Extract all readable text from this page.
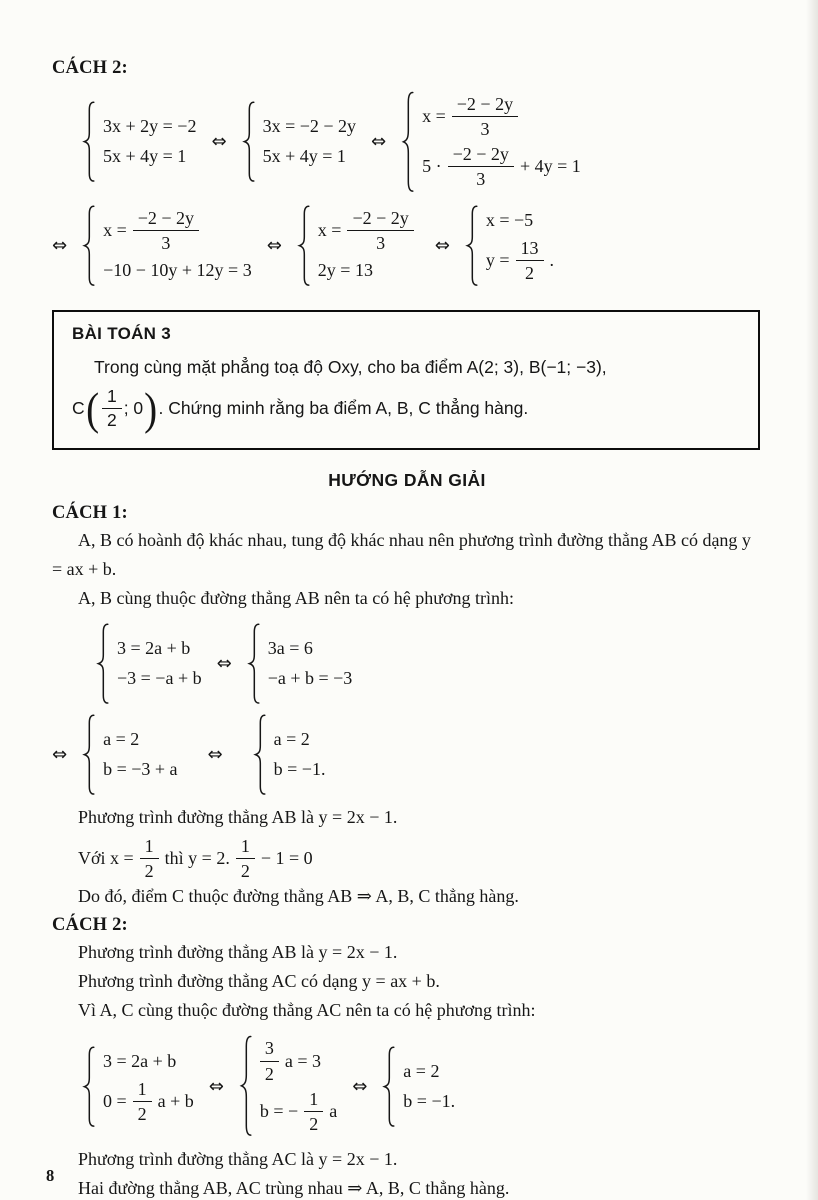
CÁCH 2:
3x + 2y = −2
5x + 4y = 1
⇔
3x = −2 − 2y
5x + 4y = 1
⇔
$x = \frac{-2 - 2y}{3}$
$5 \cdot \frac{-2 - 2y}{3} + 4y = 1$
⇔
$x = \frac{-2 - 2y}{3}$
−10 − 10y + 12y = 3
⇔
$x = \frac{-2 - 2y}{3}$
2y = 13
⇔
x = −5
$y = \frac{13}{2}$ .
BÀI TOÁN 3
Trong cùng mặt phẳng toạ độ Oxy, cho ba điểm A(2; 3), B(−1; −3),
C ( $\frac{1}{2}$ ; 0 ) . Chứng minh rằng ba điểm A, B, C thẳng hàng.
HƯỚNG DẪN GIẢI
CÁCH 1:

A, B có hoành độ khác nhau, tung độ khác nhau nên phương trình đường thẳng AB có dạng y = ax + b.

A, B cùng thuộc đường thẳng AB nên ta có hệ phương trình:

3 = 2a + b
−3 = −a + b
⇔
3a = 6
−a + b = −3
⇔
a = 2
b = −3 + a
⇔
a = 2
b = −1.

Phương trình đường thẳng AB là y = 2x − 1.

Với $x = \frac{1}{2}$ thì y = 2. $\frac{1}{2} - 1 = 0$

Do đó, điểm C thuộc đường thẳng AB ⇒ A, B, C thẳng hàng.

CÁCH 2:

Phương trình đường thẳng AB là y = 2x − 1.

Phương trình đường thẳng AC có dạng y = ax + b.

Vì A, C cùng thuộc đường thẳng AC nên ta có hệ phương trình:

3 = 2a + b
$0 = \frac{1}{2}$ a + b
⇔
$\frac{3}{2}$ a = 3
b = − $\frac{1}{2}$ a
⇔
a = 2
b = −1.

Phương trình đường thẳng AC là y = 2x − 1.

Hai đường thẳng AB, AC trùng nhau ⇒ A, B, C thẳng hàng.

8
